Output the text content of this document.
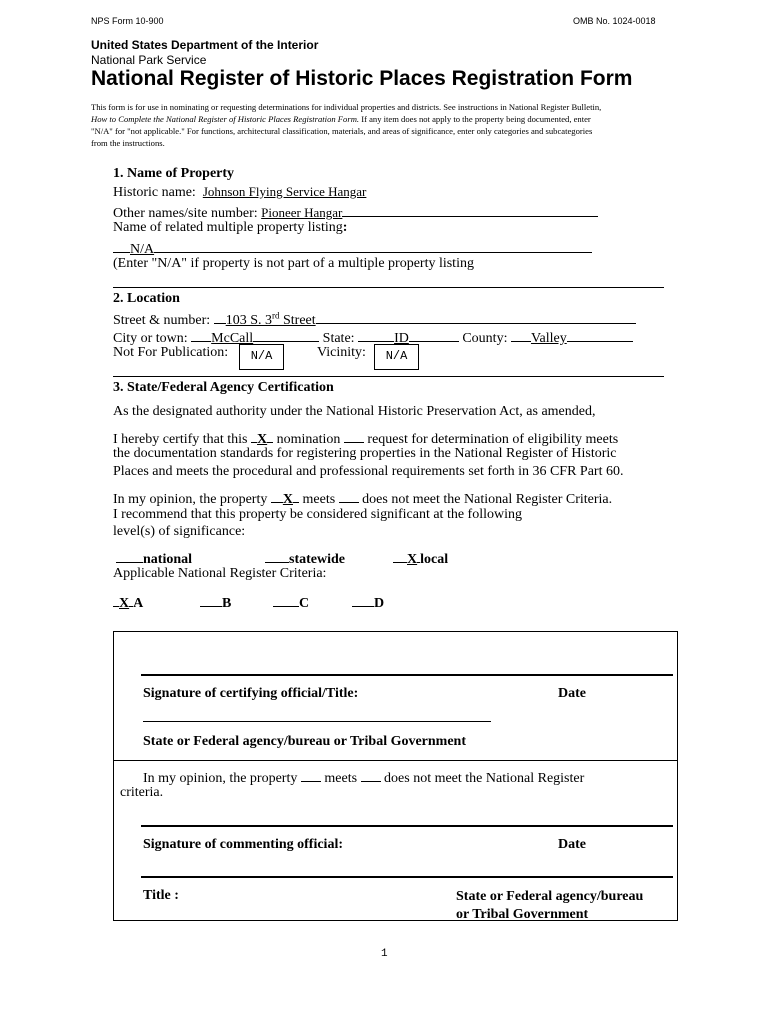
NPS Form 10-900	OMB No. 1024-0018
United States Department of the Interior
National Park Service
National Register of Historic Places Registration Form
This form is for use in nominating or requesting determinations for individual properties and districts. See instructions in National Register Bulletin,
How to Complete the National Register of Historic Places Registration Form. If any item does not apply to the property being documented, enter
"N/A" for "not applicable." For functions, architectural classification, materials, and areas of significance, enter only categories and subcategories
from the instructions.
1. Name of Property
Historic name: Johnson Flying Service Hangar
Other names/site number: Pioneer Hangar
Name of related multiple property listing:
N/A
(Enter "N/A" if property is not part of a multiple property listing
2. Location
Street & number: 103 S. 3rd Street
City or town: McCall	State:	ID	County: Valley
Not For Publication:	N/A	Vicinity:	N/A
3. State/Federal Agency Certification
As the designated authority under the National Historic Preservation Act, as amended,
I hereby certify that this X nomination request for determination of eligibility meets
the documentation standards for registering properties in the National Register of Historic
Places and meets the procedural and professional requirements set forth in 36 CFR Part 60.
In my opinion, the property X meets does not meet the National Register Criteria.
I recommend that this property be considered significant at the following
level(s) of significance:
national	statewide	X local
Applicable National Register Criteria:
X A	B	C	D
Signature of certifying official/Title:	Date
State or Federal agency/bureau or Tribal Government
In my opinion, the property meets does not meet the National Register
criteria.
Signature of commenting official:	Date
Title :	State or Federal agency/bureau
or Tribal Government
1
